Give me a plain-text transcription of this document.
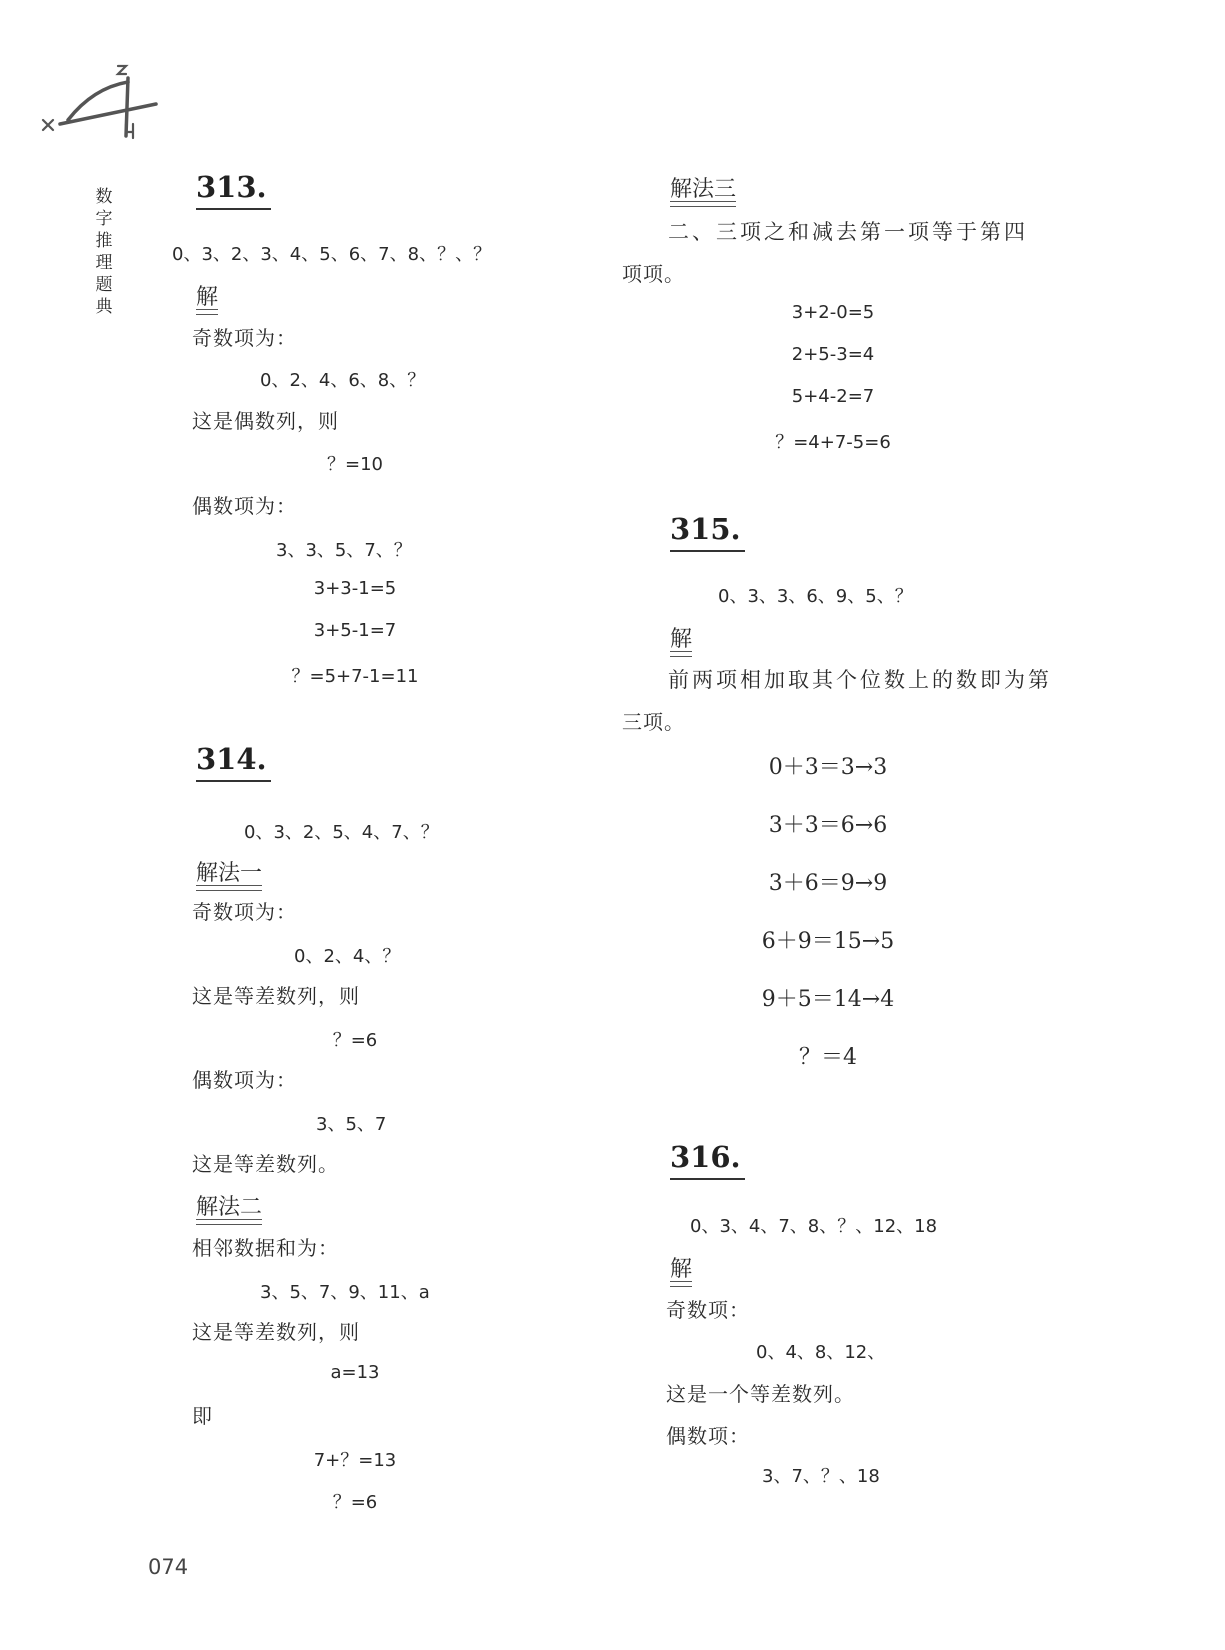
数
字
推
理
题
典
313.
0、3、2、3、4、5、6、7、8、？、？
解
奇数项为：
0、2、4、6、8、？
这是偶数列，则
？=10
偶数项为：
3、3、5、7、？
3+3-1=5
3+5-1=7
？=5+7-1=11
314.
0、3、2、5、4、7、？
解法一
奇数项为：
0、2、4、？
这是等差数列，则
？=6
偶数项为：
3、5、7
这是等差数列。
解法二
相邻数据和为：
3、5、7、9、11、a
这是等差数列，则
a=13
即
7+？=13
？=6
解法三
二、三项之和减去第一项等于第四
项项。
3+2-0=5
2+5-3=4
5+4-2=7
？=4+7-5=6
315.
0、3、3、6、9、5、？
解
前两项相加取其个位数上的数即为第
三项。
0＋3＝3→3
3＋3＝6→6
3＋6＝9→9
6＋9＝15→5
9＋5＝14→4
？＝4
316.
0、3、4、7、8、？、12、18
解
奇数项：
0、4、8、12、
这是一个等差数列。
偶数项：
3、7、？、18
074
